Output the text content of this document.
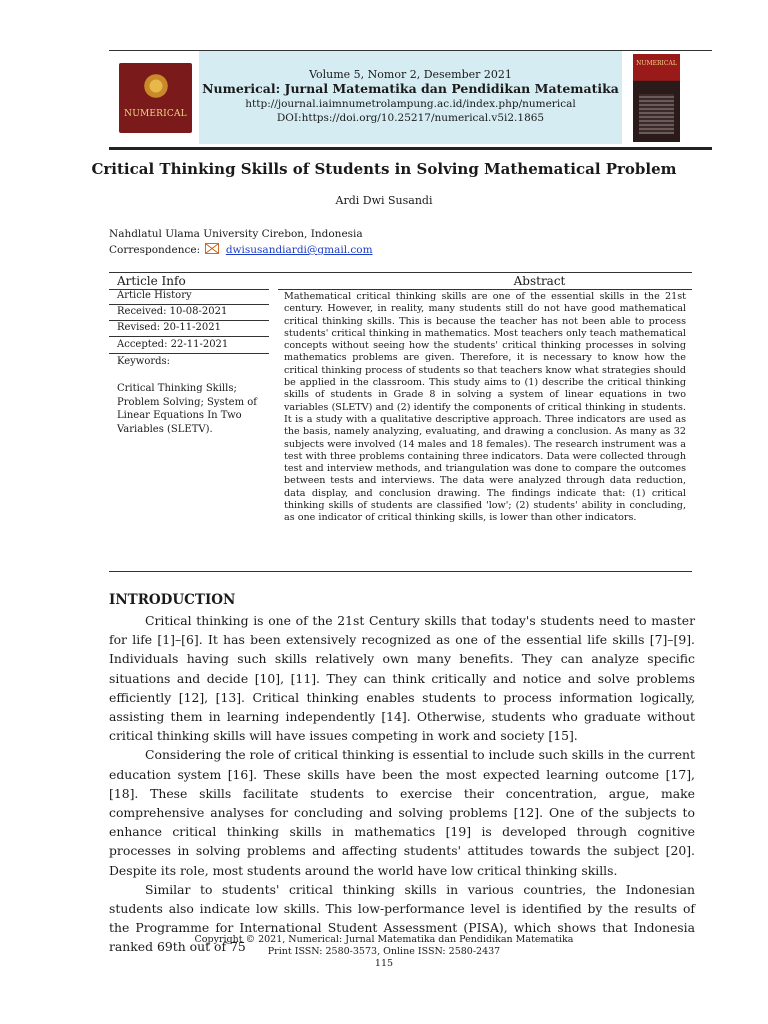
NUMERICAL
Volume 5, Nomor 2, Desember 2021
Numerical: Jurnal Matematika dan Pendidikan Matematika
http://journal.iaimnumetrolampung.ac.id/index.php/numerical
DOI:https://doi.org/10.25217/numerical.v5i2.1865
NUMERICAL
Critical Thinking Skills of Students in Solving Mathematical Problem
Ardi Dwi Susandi
Nahdlatul Ulama University Cirebon, Indonesia
Correspondence: dwisusandiardi@gmail.com
Article Info	Abstract
Article History
Received: 10-08-2021
Revised: 20-11-2021
Accepted: 22-11-2021
Keywords:
Critical Thinking Skills; Problem Solving; System of Linear Equations In Two Variables (SLETV).

Mathematical critical thinking skills are one of the essential skills in the 21st century. However, in reality, many students still do not have good mathematical critical thinking skills. This is because the teacher has not been able to process students' critical thinking in mathematics. Most teachers only teach mathematical concepts without seeing how the students' critical thinking processes in solving mathematics problems are given. Therefore, it is necessary to know how the critical thinking process of students so that teachers know what strategies should be applied in the classroom. This study aims to (1) describe the critical thinking skills of students in Grade 8 in solving a system of linear equations in two variables (SLETV) and (2) identify the components of critical thinking in students. It is a study with a qualitative descriptive approach. Three indicators are used as the basis, namely analyzing, evaluating, and drawing a conclusion. As many as 32 subjects were involved (14 males and 18 females). The research instrument was a test with three problems containing three indicators. Data were collected through test and interview methods, and triangulation was done to compare the outcomes between tests and interviews. The data were analyzed through data reduction, data display, and conclusion drawing. The findings indicate that: (1) critical thinking skills of students are classified 'low'; (2) students' ability in concluding, as one indicator of critical thinking skills, is lower than other indicators.

INTRODUCTION

Critical thinking is one of the 21st Century skills that today's students need to master for life [1]–[6]. It has been extensively recognized as one of the essential life skills [7]–[9]. Individuals having such skills relatively own many benefits. They can analyze specific situations and decide [10], [11]. They can think critically and notice and solve problems efficiently [12], [13]. Critical thinking enables students to process information logically, assisting them in learning independently [14]. Otherwise, students who graduate without critical thinking skills will have issues competing in work and society [15].

Considering the role of critical thinking is essential to include such skills in the current education system [16]. These skills have been the most expected learning outcome [17], [18]. These skills facilitate students to exercise their concentration, argue, make comprehensive analyses for concluding and solving problems [12]. One of the subjects to enhance critical thinking skills in mathematics [19] is developed through cognitive processes in solving problems and affecting students' attitudes towards the subject [20]. Despite its role, most students around the world have low critical thinking skills.

Similar to students' critical thinking skills in various countries, the Indonesian students also indicate low skills. This low-performance level is identified by the results of the Programme for International Student Assessment (PISA), which shows that Indonesia ranked 69th out of 75

Copyright © 2021, Numerical: Jurnal Matematika dan Pendidikan Matematika
Print ISSN: 2580-3573, Online ISSN: 2580-2437
115
